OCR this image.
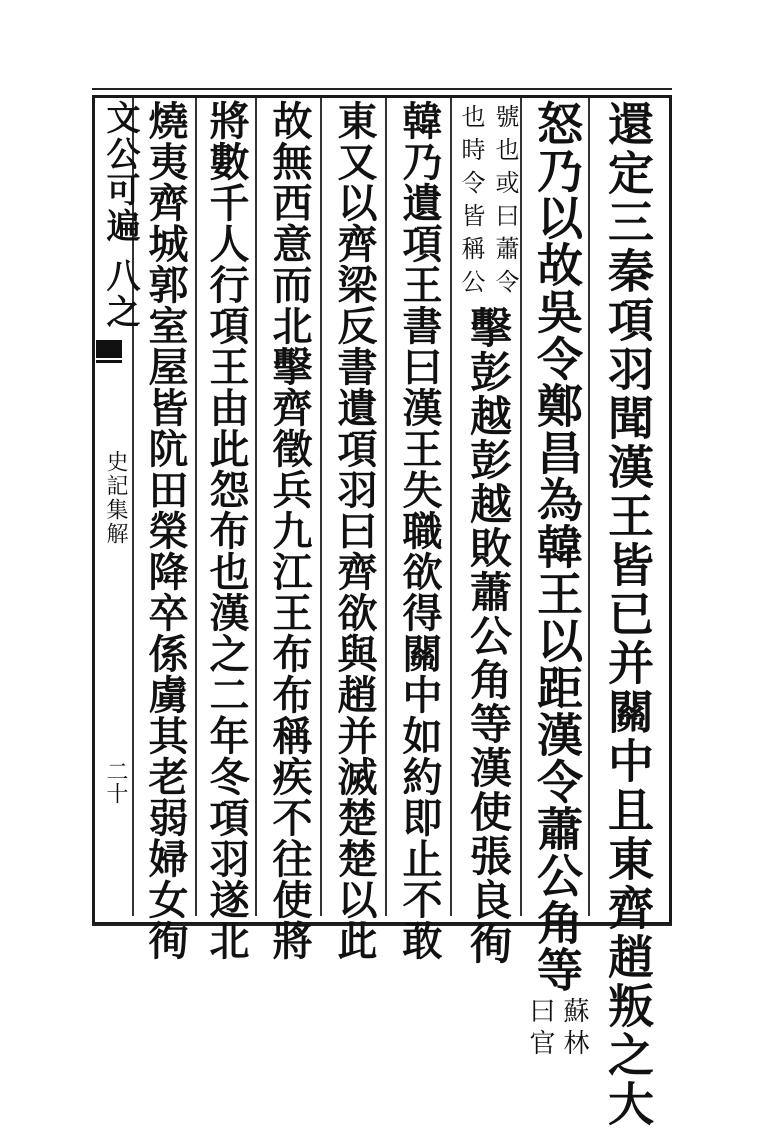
文公可遍 八之
史記集解
二十	還定三秦項羽聞漢王皆已并關中且東齊趙叛之大
怒乃以故吳令鄭昌為韓王以距漢令蕭公角等
蘇林
曰官
號也或曰蕭令
也時令皆稱公
擊彭越彭越敗蕭公角等漢使張良徇
韓乃遺項王書曰漢王失職欲得關中如約即止不敢
東又以齊梁反書遺項羽曰齊欲與趙并滅楚楚以此
故無西意而北擊齊徵兵九江王布布稱疾不往使將
將數千人行項王由此怨布也漢之二年冬項羽遂北
燒夷齊城郭室屋皆阬田榮降卒係虜其老弱婦女徇
